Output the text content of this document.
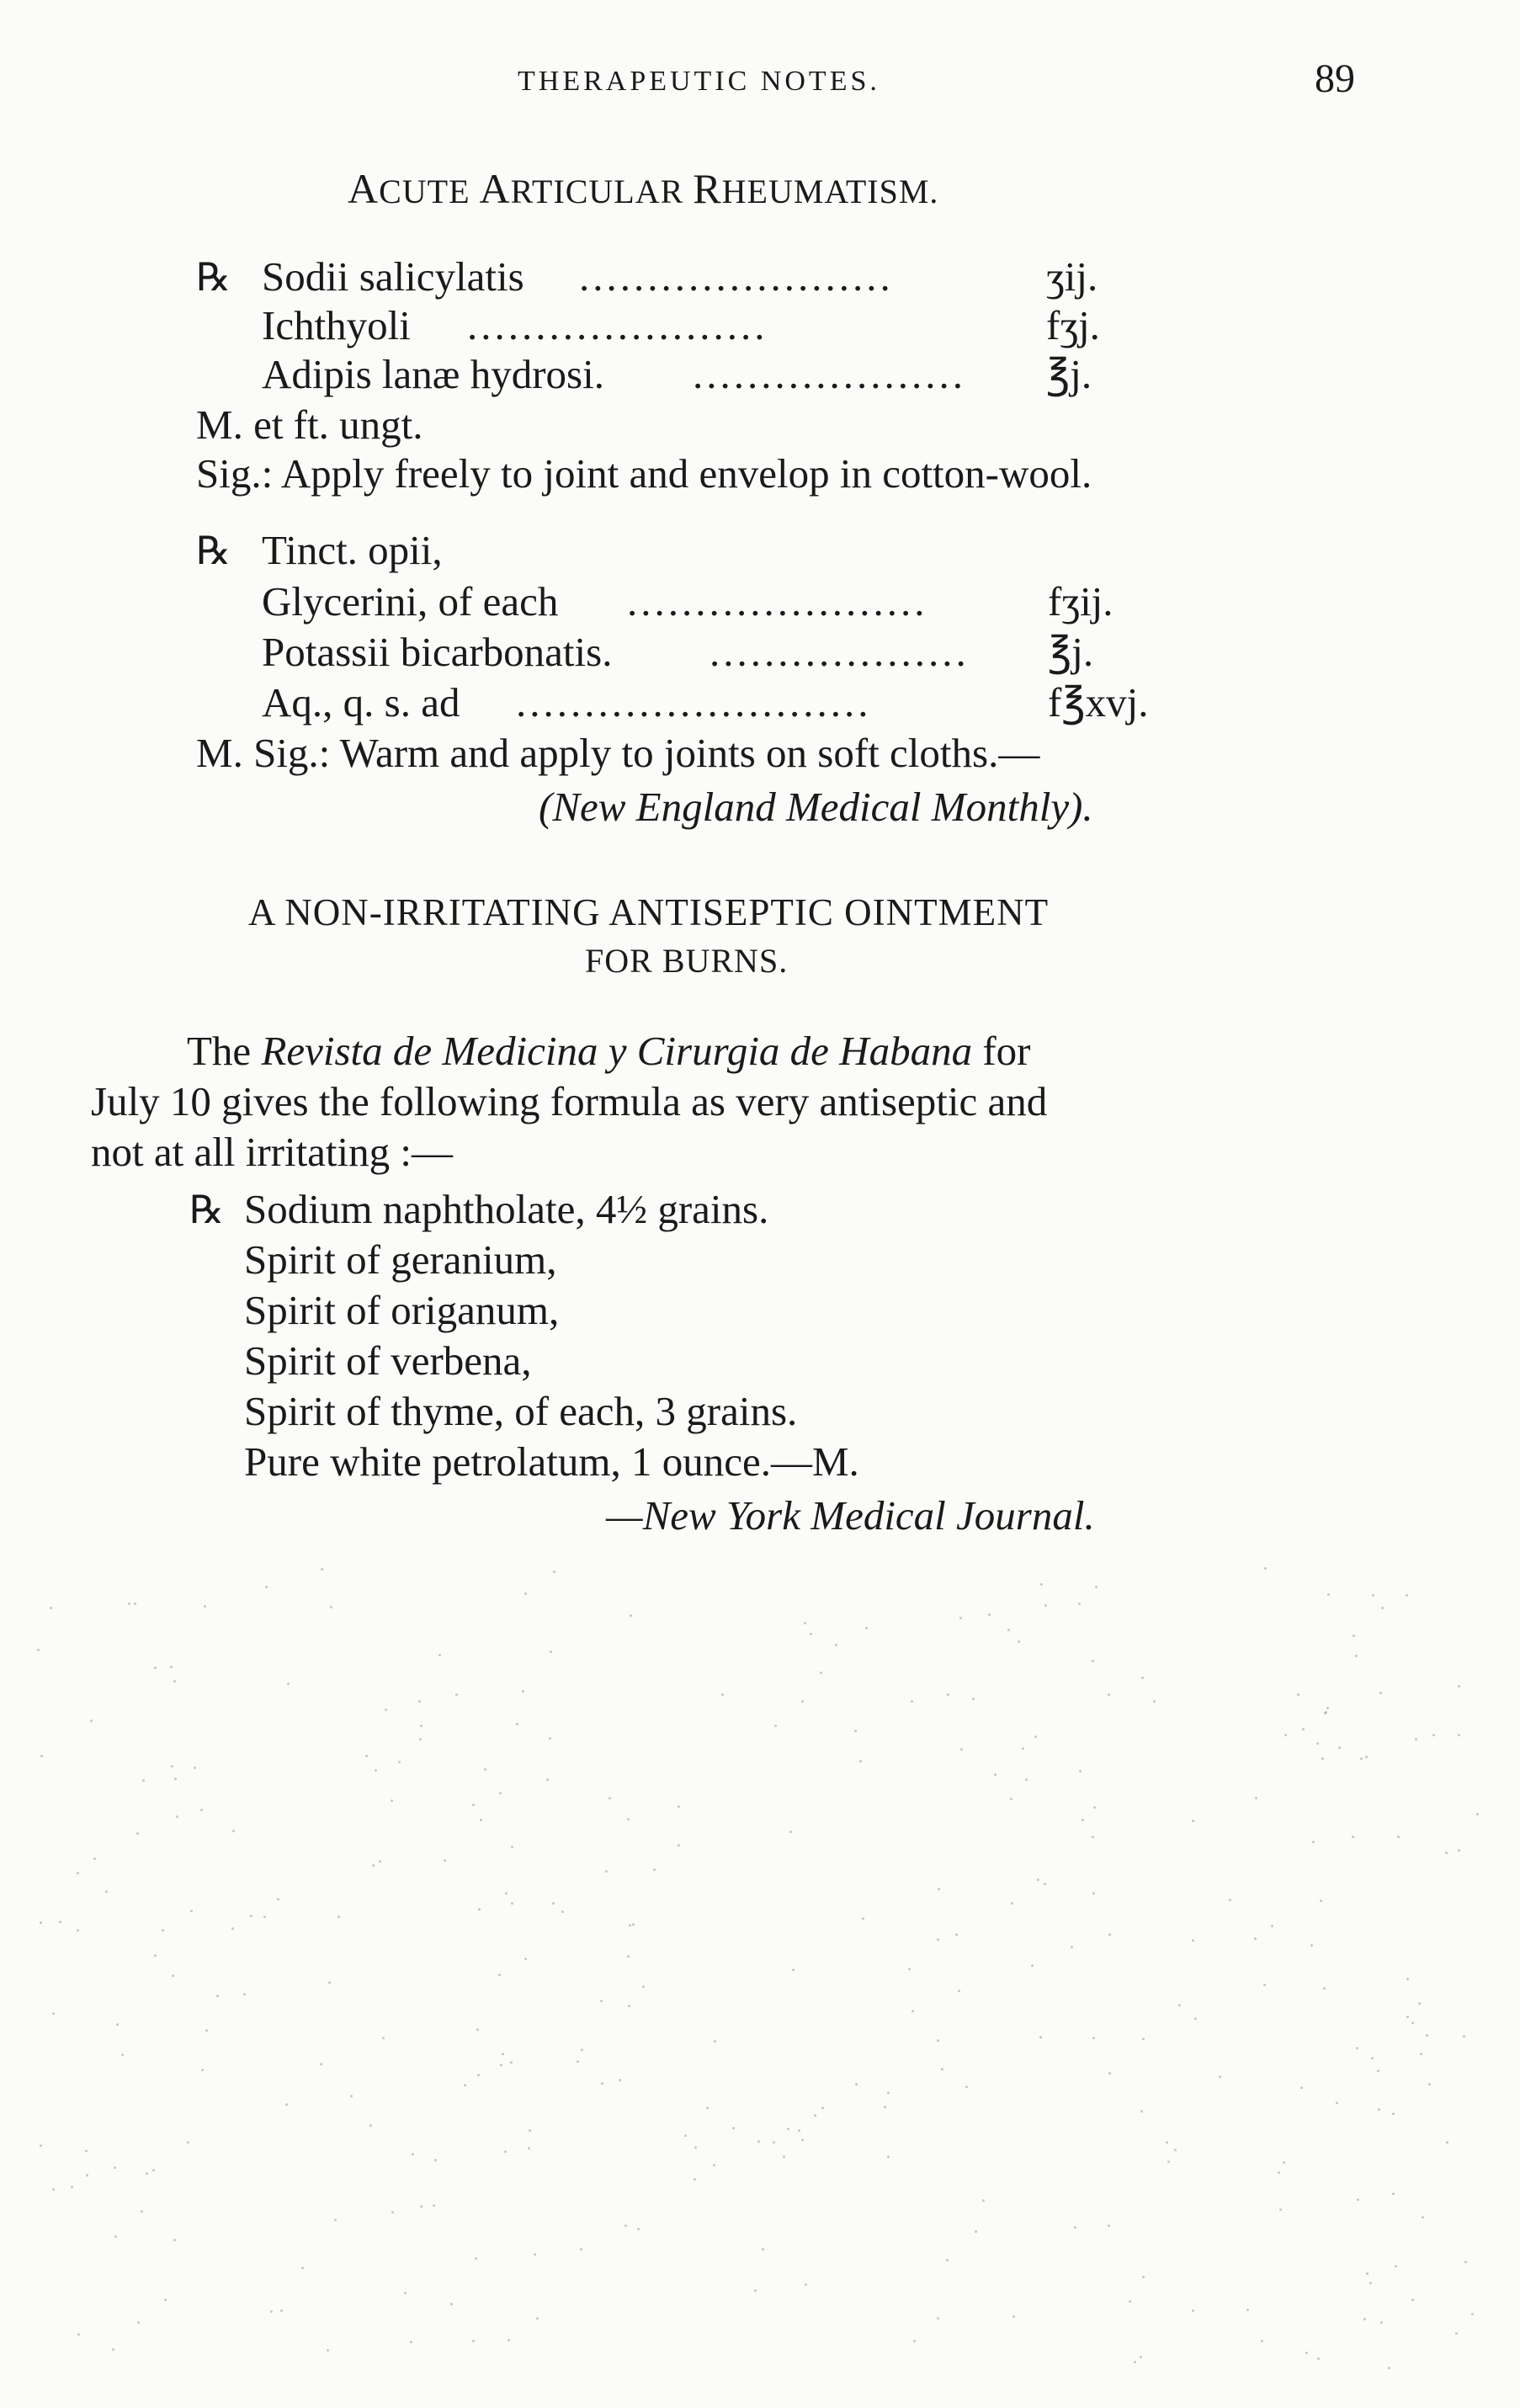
THERAPEUTIC NOTES.	89
ACUTE ARTICULAR RHEUMATISM.
℞ Sodii salicylatis .......................	ʒij.
Ichthyoli ......................	fʒj.
Adipis lanæ hydrosi. .................... ℥j.
M. et ft. ungt.
Sig.: Apply freely to joint and envelop in cotton-wool.
℞ Tinct. opii,
Glycerini, of each ......................	fʒij.
Potassii bicarbonatis. ................... ℥j.
Aq., q. s. ad ..........................	f℥xvj.
M. Sig.: Warm and apply to joints on soft cloths.—
(New England Medical Monthly).
A NON-IRRITATING ANTISEPTIC OINTMENT
FOR BURNS.
The Revista de Medicina y Cirurgia de Habana for
July 10 gives the following formula as very antiseptic and
not at all irritating :—
℞ Sodium naphtholate, 4½ grains.
Spirit of geranium,
Spirit of origanum,
Spirit of verbena,
Spirit of thyme, of each, 3 grains.
Pure white petrolatum, 1 ounce.—M.
—New York Medical Journal.
